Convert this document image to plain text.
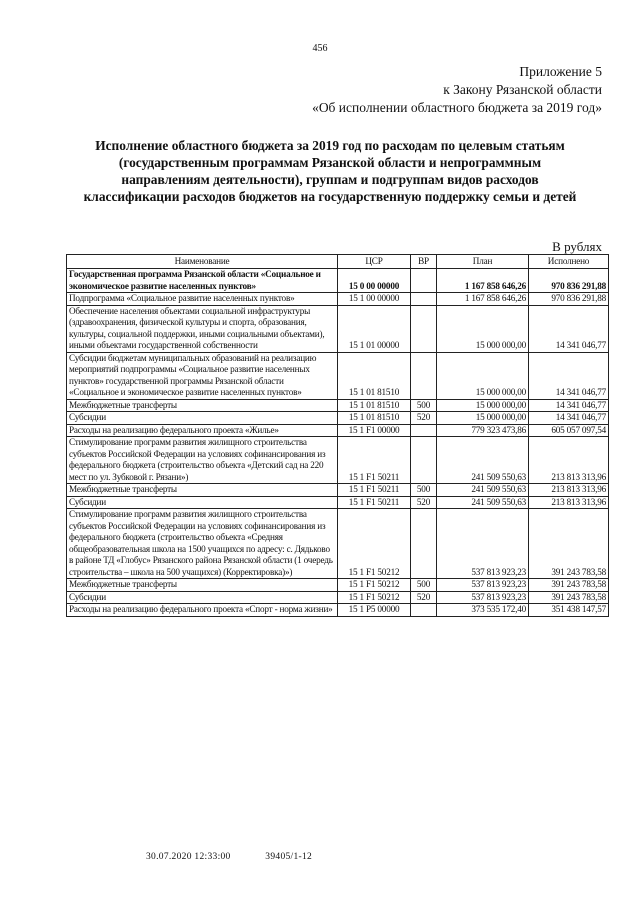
456
Приложение 5
к Закону Рязанской области
«Об исполнении областного бюджета за 2019 год»
Исполнение областного бюджета за 2019 год по расходам по целевым статьям (государственным программам Рязанской области и непрограммным направлениям деятельности), группам и подгруппам видов расходов классификации расходов бюджетов на государственную поддержку семьи и детей
В рублях
Наименование	ЦСР	ВР	План	Исполнено
Государственная программа Рязанской области «Социальное и экономическое развитие населенных пунктов»	15 0 00 00000		1 167 858 646,26	970 836 291,88
Подпрограмма «Социальное развитие населенных пунктов»	15 1 00 00000		1 167 858 646,26	970 836 291,88
Обеспечение населения объектами социальной инфраструктуры (здравоохранения, физической культуры и спорта, образования, культуры, социальной поддержки, иными социальными объектами), иными объектами государственной собственности	15 1 01 00000		15 000 000,00	14 341 046,77
Субсидии бюджетам муниципальных образований на реализацию мероприятий подпрограммы «Социальное развитие населенных пунктов» государственной программы Рязанской области «Социальное и экономическое развитие населенных пунктов»	15 1 01 81510		15 000 000,00	14 341 046,77
Межбюджетные трансферты	15 1 01 81510	500	15 000 000,00	14 341 046,77
Субсидии	15 1 01 81510	520	15 000 000,00	14 341 046,77
Расходы на реализацию федерального проекта «Жилье»	15 1 F1 00000		779 323 473,86	605 057 097,54
Стимулирование программ развития жилищного строительства субъектов Российской Федерации на условиях софинансирования из федерального бюджета (строительство объекта «Детский сад на 220 мест по ул. Зубковой г. Рязани»)	15 1 F1 50211		241 509 550,63	213 813 313,96
Межбюджетные трансферты	15 1 F1 50211	500	241 509 550,63	213 813 313,96
Субсидии	15 1 F1 50211	520	241 509 550,63	213 813 313,96
Стимулирование программ развития жилищного строительства субъектов Российской Федерации на условиях софинансирования из федерального бюджета (строительство объекта «Средняя общеобразовательная школа на 1500 учащихся по адресу: с. Дядьково в районе ТД «Глобус» Рязанского района Рязанской области (1 очередь строительства – школа на 500 учащихся) (Корректировка)»)	15 1 F1 50212		537 813 923,23	391 243 783,58
Межбюджетные трансферты	15 1 F1 50212	500	537 813 923,23	391 243 783,58
Субсидии	15 1 F1 50212	520	537 813 923,23	391 243 783,58
Расходы на реализацию федерального проекта «Спорт - норма жизни»	15 1 P5 00000		373 535 172,40	351 438 147,57
30.07.2020 12:33:00	39405/1-12
